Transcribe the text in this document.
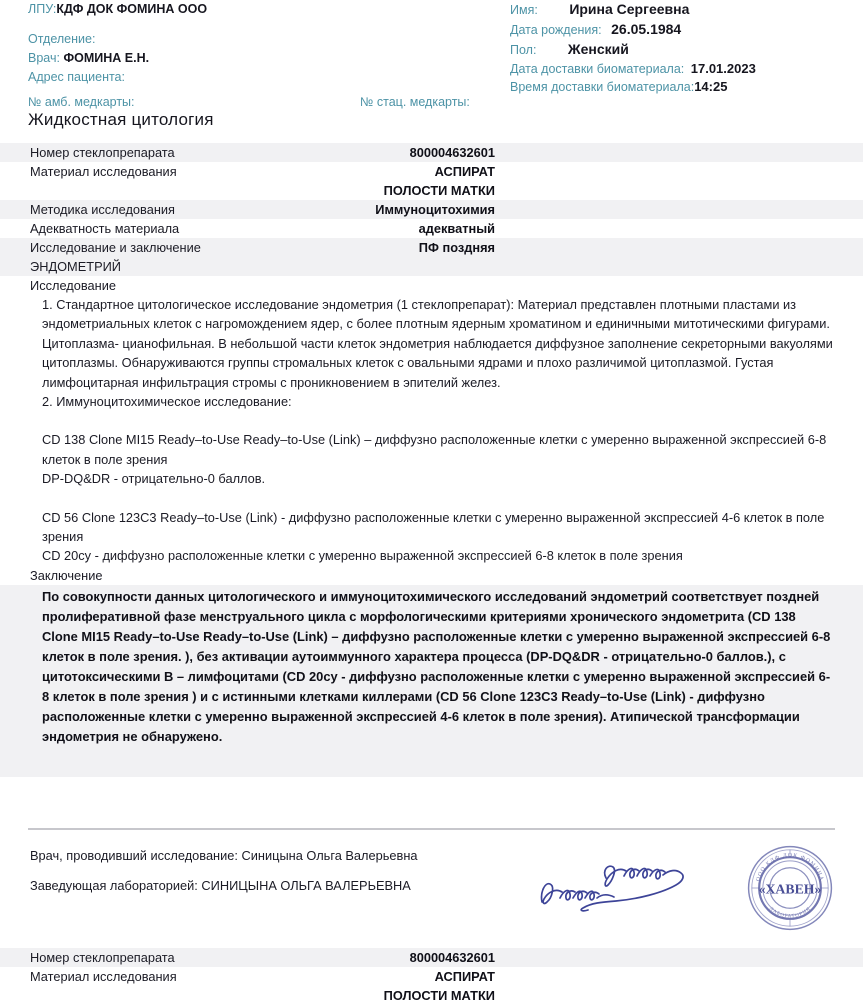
ЛПУ:КДФ ДОК ФОМИНА ООО
Отделение:
Врач: ФОМИНА Е.Н.
Адрес пациента:
№ амб. медкарты:	№ стац. медкарты:
Имя: Ирина Сергеевна
Дата рождения: 26.05.1984
Пол: Женский
Дата доставки биоматериала: 17.01.2023
Время доставки биоматериала:14:25
Жидкостная цитология
Номер стеклопрепарата	800004632601
Материал исследования	АСПИРАТ
ПОЛОСТИ МАТКИ
Методика исследования	Иммуноцитохимия
Адекватность материала	адекватный
Исследование и заключение	ПФ поздняя
ЭНДОМЕТРИЙ
Исследование

1. Стандартное цитологическое исследование эндометрия (1 стеклопрепарат): Материал представлен плотными пластами из эндометриальных клеток с нагромождением ядер, с более плотным ядерным хроматином и единичными митотическими фигурами. Цитоплазма- цианофильная. В небольшой части клеток эндометрия наблюдается диффузное заполнение секреторными вакуолями цитоплазмы. Обнаруживаются группы стромальных клеток с овальными ядрами и плохо различимой цитоплазмой. Густая лимфоцитарная инфильтрация стромы с проникновением в эпителий желез.

2. Иммуноцитохимическое исследование:

CD 138 Clone MI15 Ready–to-Use Ready–to-Use (Link) – диффузно расположенные клетки с умеренно выраженной экспрессией 6-8 клеток в поле зрения

DP-DQ&DR - отрицательно-0 баллов.

CD 56 Clone 123C3 Ready–to-Use (Link) - диффузно расположенные клетки с умеренно выраженной экспрессией 4-6 клеток в поле зрения

CD 20cy - диффузно расположенные клетки с умеренно выраженной экспрессией 6-8 клеток в поле зрения

Заключение

По совокупности данных цитологического и иммуноцитохимического исследований эндометрий соответствует поздней пролиферативной фазе менструального цикла с морфологическими критериями хронического эндометрита (CD 138 Clone MI15 Ready–to-Use Ready–to-Use (Link) – диффузно расположенные клетки с умеренно выраженной экспрессией 6-8 клеток в поле зрения. ), без активации аутоиммунного характера процесса (DP-DQ&DR - отрицательно-0 баллов.), с цитотоксическими В – лимфоцитами (CD 20cy - диффузно расположенные клетки с умеренно выраженной экспрессией 6-8 клеток в поле зрения ) и с истинными клетками киллерами (CD 56 Clone 123C3 Ready–to-Use (Link) - диффузно расположенные клетки с умеренно выраженной экспрессией 4-6 клеток в поле зрения). Атипической трансформации эндометрия не обнаружено.

Врач, проводивший исследование: Синицына Ольга Валерьевна
Заведующая лабораторией: СИНИЦЫНА ОЛЬГА ВАЛЕРЬЕВНА	ООО КДФ ДОК ФОМИНА
ЛАБОРАТОРИЯ
«ХАВЕН»
Номер стеклопрепарата	800004632601
Материал исследования	АСПИРАТ
ПОЛОСТИ МАТКИ
